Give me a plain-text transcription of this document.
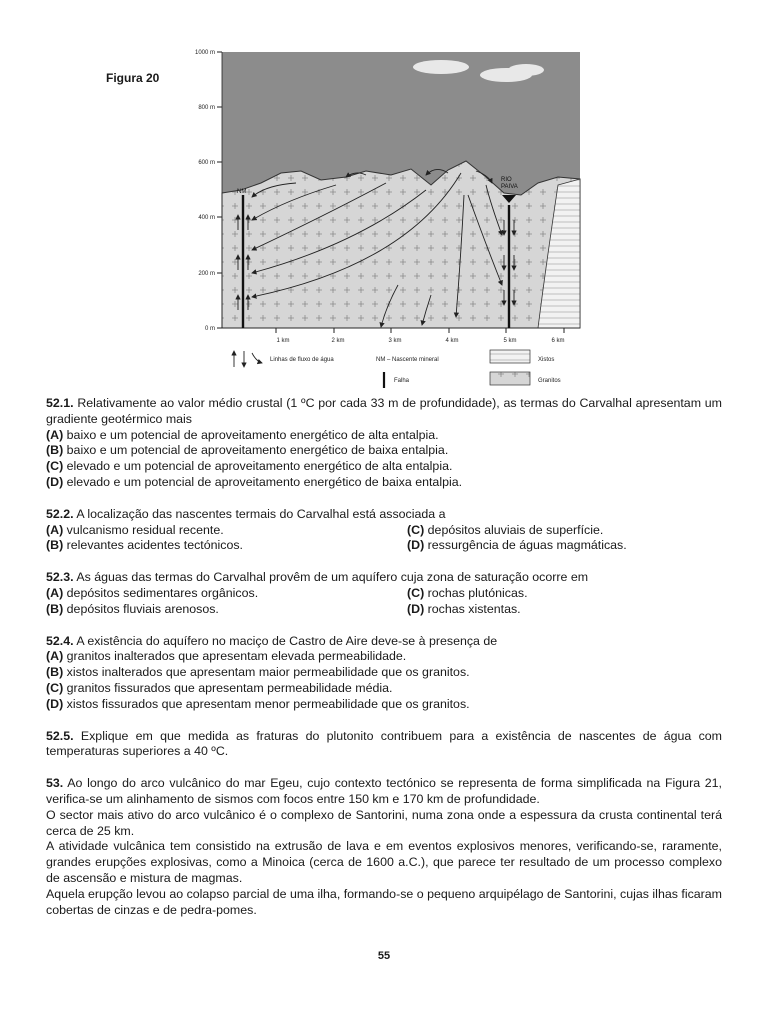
Figura 20
1000 m
800 m
600 m
400 m
200 m
0 m
1 km	2 km	3 km	4 km	5 km	6 km
NM
RIO
PAIVA
Linhas de fluxo de água	NM – Nascente mineral
Falha
Xistos
Granitos

52.1. Relativamente ao valor médio crustal (1 ºC por cada 33 m de profundidade), as termas do Carvalhal apresentam um gradiente geotérmico mais
(A) baixo e um potencial de aproveitamento energético de alta entalpia.
(B) baixo e um potencial de aproveitamento energético de baixa entalpia.
(C) elevado e um potencial de aproveitamento energético de alta entalpia.
(D) elevado e um potencial de aproveitamento energético de baixa entalpia.

52.2. A localização das nascentes termais do Carvalhal está associada a

(A) vulcanismo residual recente.	(C) depósitos aluviais de superfície.
(B) relevantes acidentes tectónicos.	(D) ressurgência de águas magmáticas.

52.3. As águas das termas do Carvalhal provêm de um aquífero cuja zona de saturação ocorre em

(A) depósitos sedimentares orgânicos.	(C) rochas plutónicas.
(B) depósitos fluviais arenosos.	(D) rochas xistentas.

52.4. A existência do aquífero no maciço de Castro de Aire deve-se à presença de
(A) granitos inalterados que apresentam elevada permeabilidade.
(B) xistos inalterados que apresentam maior permeabilidade que os granitos.
(C) granitos fissurados que apresentam permeabilidade média.
(D) xistos fissurados que apresentam menor permeabilidade que os granitos.

52.5. Explique em que medida as fraturas do plutonito contribuem para a existência de nascentes de água com temperaturas superiores a 40 ºC.

53. Ao longo do arco vulcânico do mar Egeu, cujo contexto tectónico se representa de forma simplificada na Figura 21, verifica-se um alinhamento de sismos com focos entre 150 km e 170 km de profundidade.

O sector mais ativo do arco vulcânico é o complexo de Santorini, numa zona onde a espessura da crusta continental terá cerca de 25 km.

A atividade vulcânica tem consistido na extrusão de lava e em eventos explosivos menores, verificando-se, raramente, grandes erupções explosivas, como a Minoica (cerca de 1600 a.C.), que parece ter resultado de um processo complexo de ascensão e mistura de magmas.

Aquela erupção levou ao colapso parcial de uma ilha, formando-se o pequeno arquipélago de Santorini, cujas ilhas ficaram cobertas de cinzas e de pedra-pomes.

55
